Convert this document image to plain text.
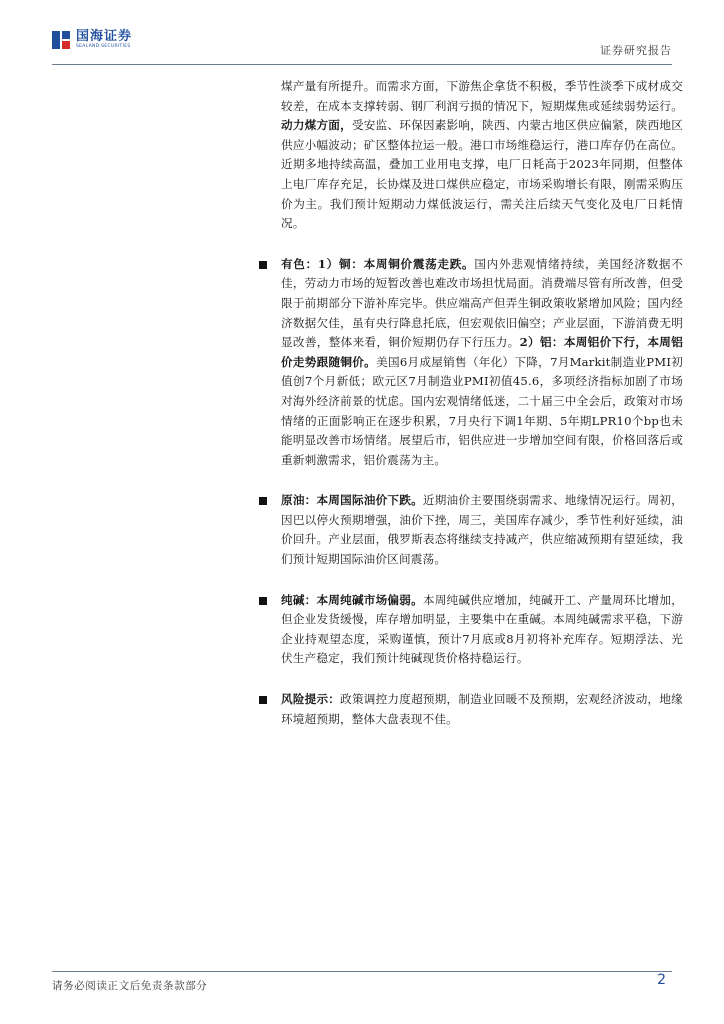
国海证券
SEALAND SECURITIES	证券研究报告

煤产量有所提升。而需求方面，下游焦企拿货不积极，季节性淡季下成材成交较差，在成本支撑转弱、钢厂利润亏损的情况下，短期煤焦或延续弱势运行。动力煤方面，受安监、环保因素影响，陕西、内蒙古地区供应偏紧，陕西地区供应小幅波动；矿区整体拉运一般。港口市场维稳运行，港口库存仍在高位。近期多地持续高温，叠加工业用电支撑，电厂日耗高于2023年同期，但整体上电厂库存充足，长协煤及进口煤供应稳定，市场采购增长有限，刚需采购压价为主。我们预计短期动力煤低波运行，需关注后续天气变化及电厂日耗情况。

有色：1）铜：本周铜价震荡走跌。国内外悲观情绪持续，美国经济数据不佳，劳动力市场的短暂改善也难改市场担忧局面。消费端尽管有所改善，但受限于前期部分下游补库完毕。供应端高产但弄生铜政策收紧增加风险；国内经济数据欠佳，虽有央行降息托底，但宏观依旧偏空；产业层面，下游消费无明显改善，整体来看，铜价短期仍存下行压力。2）铝：本周铝价下行，本周铝价走势跟随铜价。美国6月成屋销售（年化）下降，7月Markit制造业PMI初值创7个月新低；欧元区7月制造业PMI初值45.6，多项经济指标加剧了市场对海外经济前景的忧虑。国内宏观情绪低迷，二十届三中全会后，政策对市场情绪的正面影响正在逐步积累，7月央行下调1年期、5年期LPR10个bp也未能明显改善市场情绪。展望后市，铝供应进一步增加空间有限，价格回落后或重新刺激需求，铝价震荡为主。

原油：本周国际油价下跌。近期油价主要围绕弱需求、地缘情况运行。周初，因巴以停火预期增强，油价下挫，周三，美国库存减少，季节性利好延续，油价回升。产业层面，俄罗斯表态将继续支持减产，供应缩减预期有望延续，我们预计短期国际油价区间震荡。

纯碱：本周纯碱市场偏弱。本周纯碱供应增加，纯碱开工、产量周环比增加，但企业发货缓慢，库存增加明显，主要集中在重碱。本周纯碱需求平稳，下游企业持观望态度，采购谨慎，预计7月底或8月初将补充库存。短期浮法、光伏生产稳定，我们预计纯碱现货价格持稳运行。

风险提示：政策调控力度超预期，制造业回暖不及预期，宏观经济波动，地缘环境超预期，整体大盘表现不佳。

请务必阅读正文后免责条款部分	2
